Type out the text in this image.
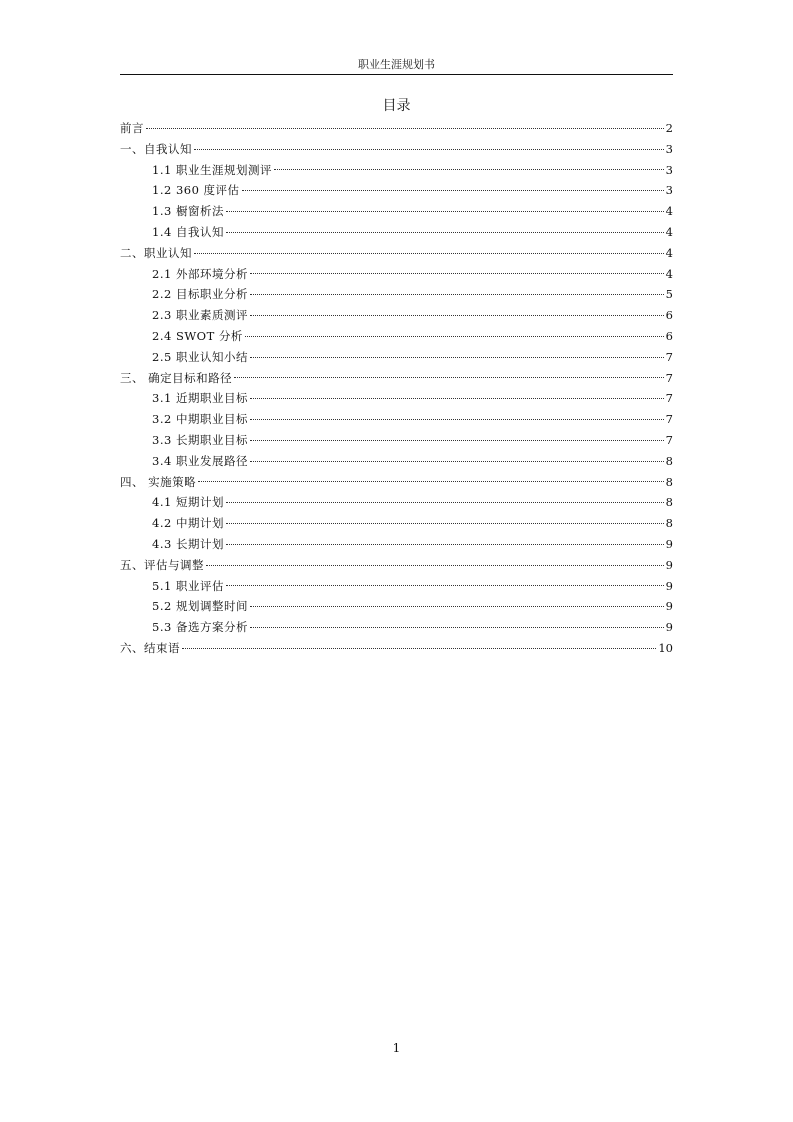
职业生涯规划书
目录
前言	2
一、自我认知	3
1.1 职业生涯规划测评	3
1.2 360 度评估	3
1.3 橱窗析法	4
1.4 自我认知	4
二、职业认知	4
2.1 外部环境分析	4
2.2 目标职业分析	5
2.3 职业素质测评	6
2.4 SWOT 分析	6
2.5 职业认知小结	7
三、 确定目标和路径	7
3.1 近期职业目标	7
3.2 中期职业目标	7
3.3 长期职业目标	7
3.4 职业发展路径	8
四、 实施策略	8
4.1 短期计划	8
4.2 中期计划	8
4.3 长期计划	9
五、评估与调整	9
5.1 职业评估	9
5.2 规划调整时间	9
5.3 备选方案分析	9
六、结束语	10
1
